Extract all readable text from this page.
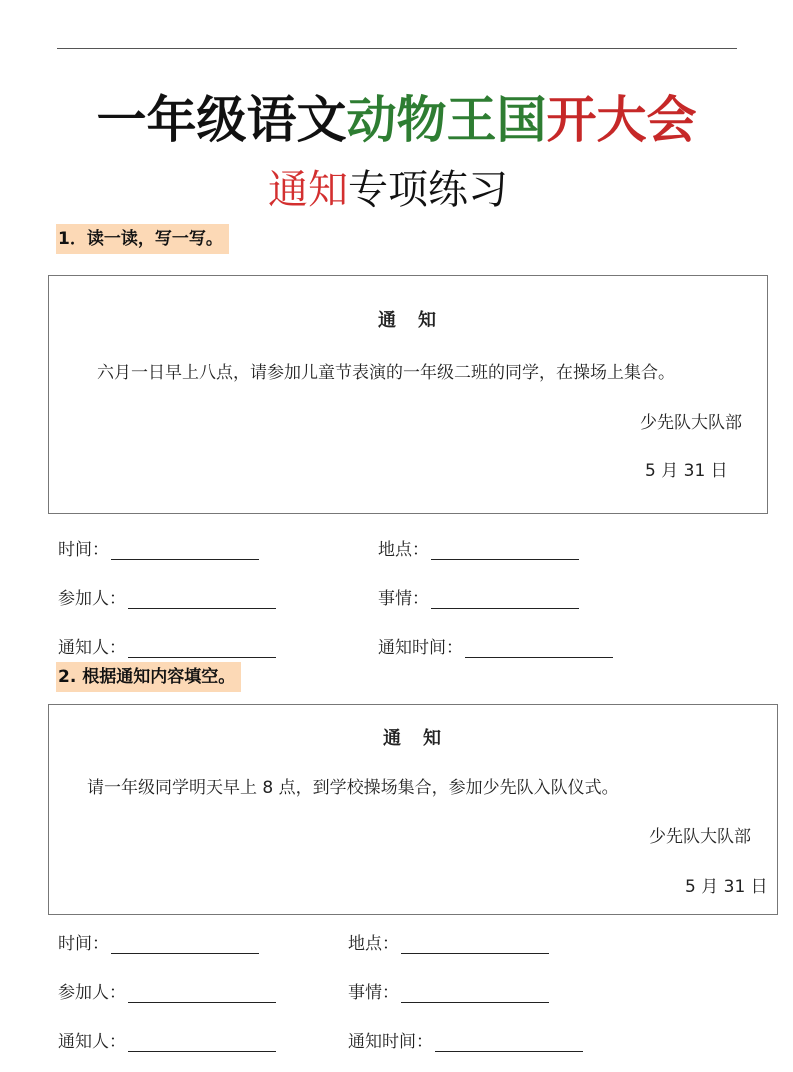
一年级语文动物王国开大会
通知专项练习
1．读一读，写一写。
通　知
六月一日早上八点，请参加儿童节表演的一年级二班的同学，在操场上集合。
少先队大队部
5 月 31 日
时间：	地点：
参加人：	事情：
通知人：	通知时间：
2. 根据通知内容填空。
通　知
请一年级同学明天早上 8 点，到学校操场集合，参加少先队入队仪式。
少先队大队部
5 月 31 日
时间：	地点：
参加人：	事情：
通知人：	通知时间：
